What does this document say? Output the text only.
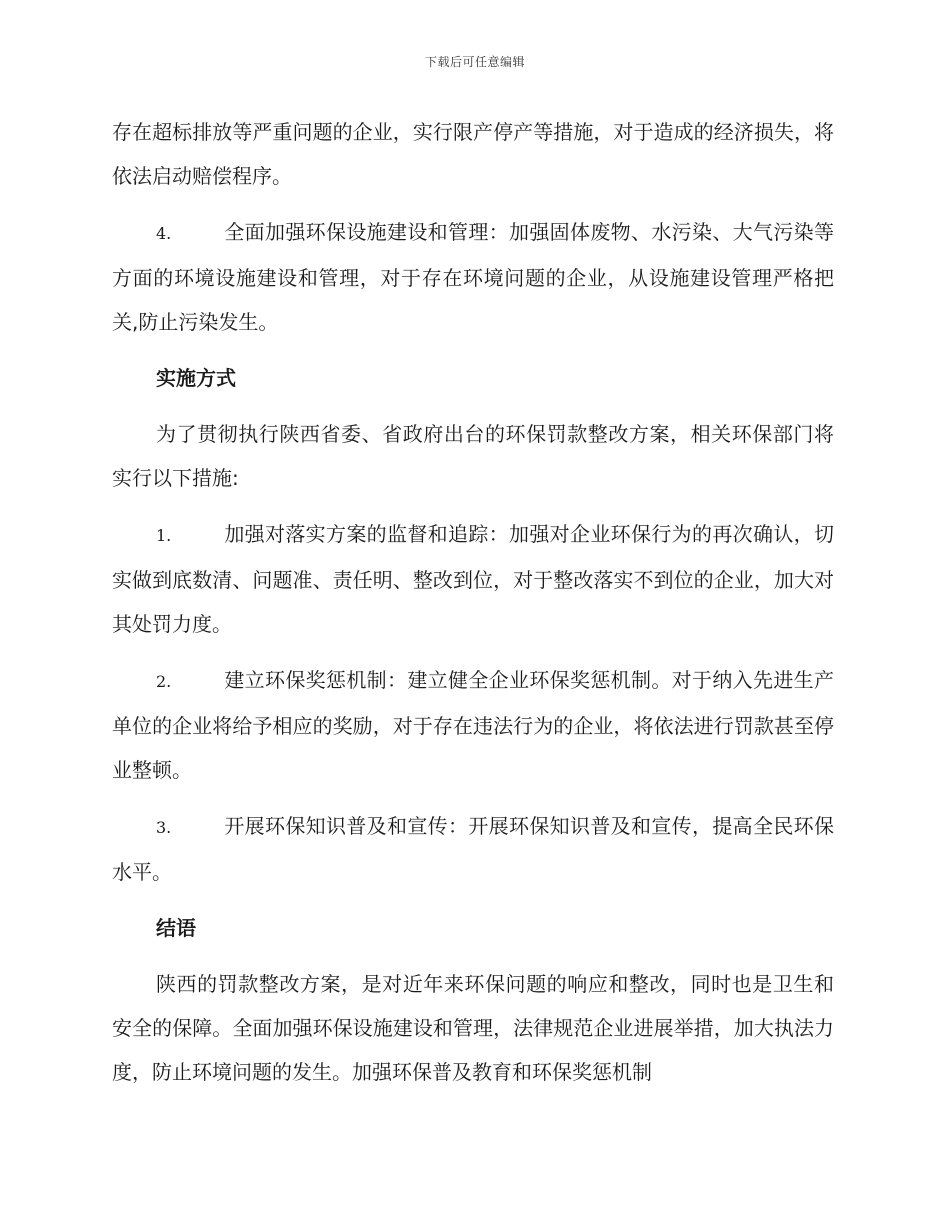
下载后可任意编辑

存在超标排放等严重问题的企业，实行限产停产等措施，对于造成的经济损失，将依法启动赔偿程序。

4.	全面加强环保设施建设和管理：加强固体废物、水污染、大气污染等方面的环境设施建设和管理，对于存在环境问题的企业，从设施建设管理严格把关,防止污染发生。

实施方式

为了贯彻执行陕西省委、省政府出台的环保罚款整改方案，相关环保部门将实行以下措施:

1.	加强对落实方案的监督和追踪：加强对企业环保行为的再次确认，切实做到底数清、问题准、责任明、整改到位，对于整改落实不到位的企业，加大对其处罚力度。

2.	建立环保奖惩机制：建立健全企业环保奖惩机制。对于纳入先进生产单位的企业将给予相应的奖励，对于存在违法行为的企业，将依法进行罚款甚至停业整顿。

3.	开展环保知识普及和宣传：开展环保知识普及和宣传，提高全民环保水平。

结语

陕西的罚款整改方案，是对近年来环保问题的响应和整改，同时也是卫生和安全的保障。全面加强环保设施建设和管理，法律规范企业进展举措，加大执法力度，防止环境问题的发生。加强环保普及教育和环保奖惩机制
